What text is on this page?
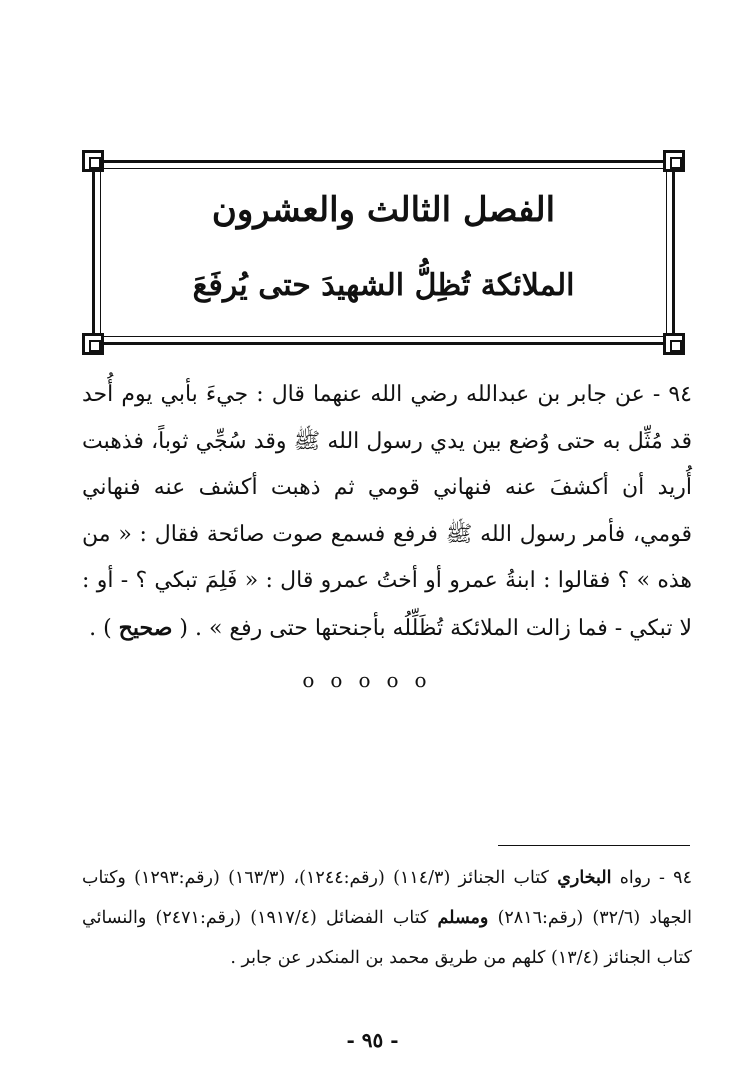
الفصل الثالث والعشرون
الملائكة تُظِلُّ الشهيدَ حتى يُرفَعَ

٩٤ - عن جابر بن عبدالله رضي الله عنهما قال : جيءَ بأبي يوم أُحد قد مُثِّل به حتى وُضع بين يدي رسول الله ﷺ وقد سُجِّي ثوباً، فذهبت أُريد أن أكشفَ عنه فنهاني قومي ثم ذهبت أكشف عنه فنهاني قومي، فأمر رسول الله ﷺ فرفع فسمع صوت صائحة فقال : « من هذه » ؟ فقالوا : ابنةُ عمرو أو أختُ عمرو قال : « فَلِمَ تبكي ؟ - أو : لا تبكي - فما زالت الملائكة تُظَلِّلُه بأجنحتها حتى رفع » . ( صحيح ) .

ooooo

٩٤ - رواه البخاري كتاب الجنائز (١١٤/٣) (رقم:١٢٤٤)، (١٦٣/٣) (رقم:١٢٩٣) وكتاب الجهاد (٣٢/٦) (رقم:٢٨١٦) ومسلم كتاب الفضائل (١٩١٧/٤) (رقم:٢٤٧١) والنسائي كتاب الجنائز (١٣/٤) كلهم من طريق محمد بن المنكدر عن جابر .

- ٩٥ -
